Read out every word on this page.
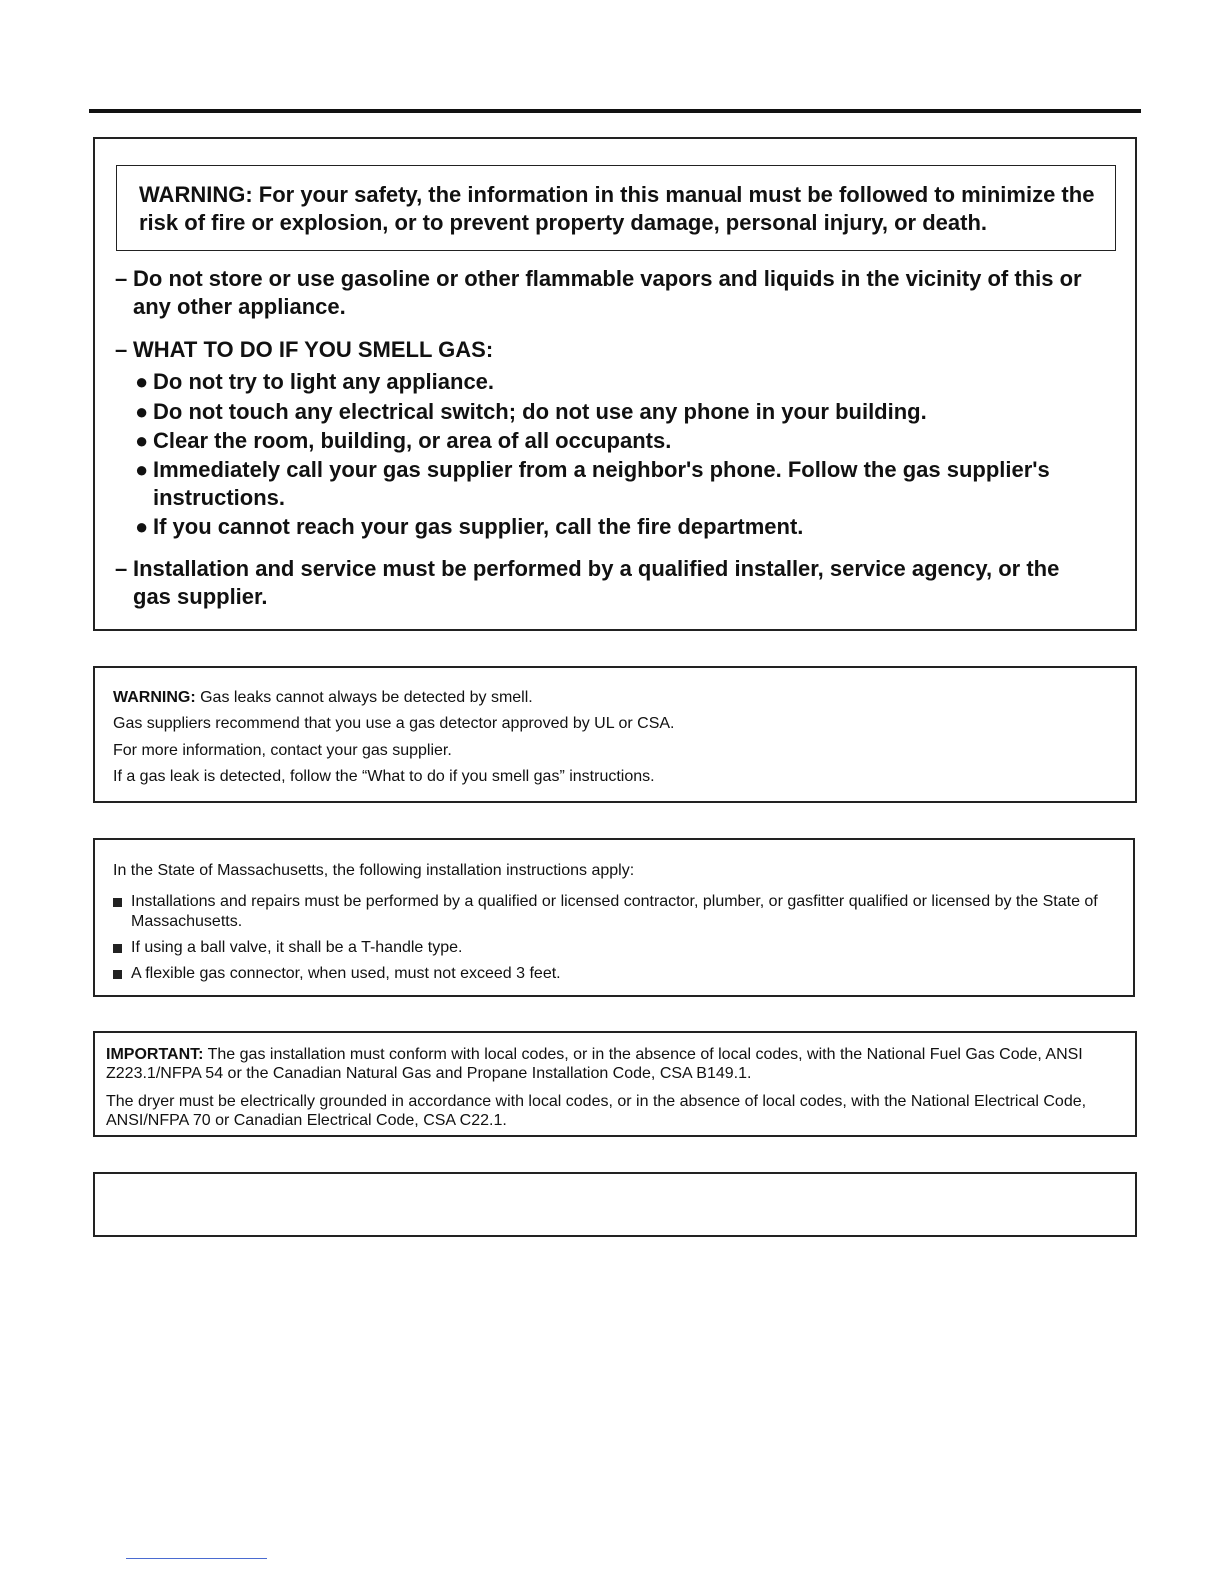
WARNING: For your safety, the information in this manual must be followed to minimize the risk of fire or explosion, or to prevent property damage, personal injury, or death.
– Do not store or use gasoline or other flammable vapors and liquids in the vicinity of this or any other appliance.
– WHAT TO DO IF YOU SMELL GAS:
● Do not try to light any appliance.
● Do not touch any electrical switch; do not use any phone in your building.
● Clear the room, building, or area of all occupants.
● Immediately call your gas supplier from a neighbor's phone. Follow the gas supplier's instructions.
● If you cannot reach your gas supplier, call the fire department.
– Installation and service must be performed by a qualified installer, service agency, or the gas supplier.
WARNING: Gas leaks cannot always be detected by smell.
Gas suppliers recommend that you use a gas detector approved by UL or CSA.
For more information, contact your gas supplier.
If a gas leak is detected, follow the “What to do if you smell gas” instructions.
In the State of Massachusetts, the following installation instructions apply:
Installations and repairs must be performed by a qualified or licensed contractor, plumber, or gasfitter qualified or licensed by the State of Massachusetts.
If using a ball valve, it shall be a T-handle type.
A flexible gas connector, when used, must not exceed 3 feet.
IMPORTANT: The gas installation must conform with local codes, or in the absence of local codes, with the National Fuel Gas Code, ANSI Z223.1/NFPA 54 or the Canadian Natural Gas and Propane Installation Code, CSA B149.1.
The dryer must be electrically grounded in accordance with local codes, or in the absence of local codes, with the National Electrical Code, ANSI/NFPA 70 or Canadian Electrical Code, CSA C22.1.
